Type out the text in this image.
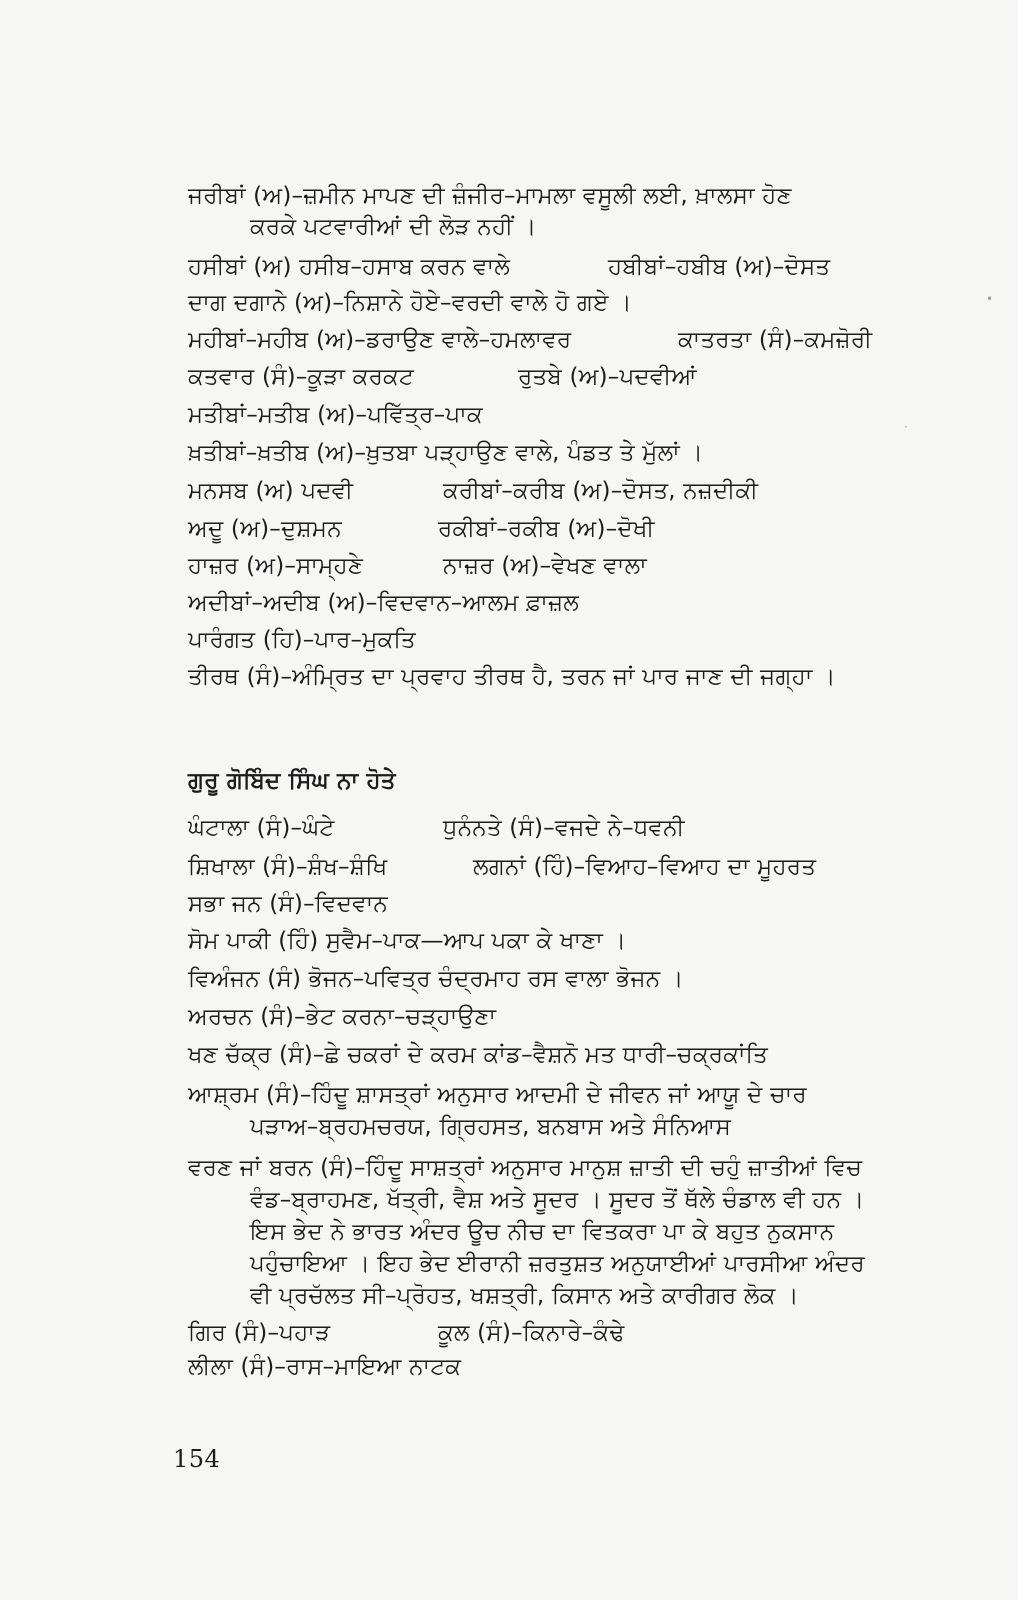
ਜਰੀਬਾਂ (ਅ)–ਜ਼ਮੀਨ ਮਾਪਣ ਦੀ ਜ਼ੰਜੀਰ–ਮਾਮਲਾ ਵਸੂਲੀ ਲਈ, ਖ਼ਾਲਸਾ ਹੋਣ
ਕਰਕੇ ਪਟਵਾਰੀਆਂ ਦੀ ਲੋੜ ਨਹੀਂ ।
ਹਸੀਬਾਂ (ਅ) ਹਸੀਬ–ਹਸਾਬ ਕਰਨ ਵਾਲੇ	ਹਬੀਬਾਂ–ਹਬੀਬ (ਅ)–ਦੋਸਤ
ਦਾਗ ਦਗਾਨੇ (ਅ)–ਨਿਸ਼ਾਨੇ ਹੋਏ–ਵਰਦੀ ਵਾਲੇ ਹੋ ਗਏ ।
ਮਹੀਬਾਂ–ਮਹੀਬ (ਅ)–ਡਰਾਉਣ ਵਾਲੇ–ਹਮਲਾਵਰ	ਕਾਤਰਤਾ (ਸੰ)–ਕਮਜ਼ੋਰੀ
ਕਤਵਾਰ (ਸੰ)–ਕੂੜਾ ਕਰਕਟ	ਰੁਤਬੇ (ਅ)–ਪਦਵੀਆਂ
ਮਤੀਬਾਂ–ਮਤੀਬ (ਅ)–ਪਵਿੱਤ੍ਰ–ਪਾਕ
ਖ਼ਤੀਬਾਂ–ਖ਼ਤੀਬ (ਅ)–ਖ਼ੁਤਬਾ ਪੜ੍ਹਾਉਣ ਵਾਲੇ, ਪੰਡਤ ਤੇ ਮੁੱਲਾਂ ।
ਮਨਸਬ (ਅ) ਪਦਵੀ	ਕਰੀਬਾਂ–ਕਰੀਬ (ਅ)–ਦੋਸਤ, ਨਜ਼ਦੀਕੀ
ਅਦੂ (ਅ)–ਦੁਸ਼ਮਨ	ਰਕੀਬਾਂ–ਰਕੀਬ (ਅ)–ਦੋਖੀ
ਹਾਜ਼ਰ (ਅ)–ਸਾਮ੍ਹਣੇ	ਨਾਜ਼ਰ (ਅ)–ਵੇਖਣ ਵਾਲਾ
ਅਦੀਬਾਂ–ਅਦੀਬ (ਅ)–ਵਿਦਵਾਨ–ਆਲਮ ਫ਼ਾਜ਼ਲ
ਪਾਰੰਗਤ (ਹਿ)–ਪਾਰ–ਮੁਕਤਿ
ਤੀਰਥ (ਸੰ)–ਅੰਮ੍ਰਿਤ ਦਾ ਪ੍ਰਵਾਹ ਤੀਰਥ ਹੈ, ਤਰਨ ਜਾਂ ਪਾਰ ਜਾਣ ਦੀ ਜਗ੍ਹਾ ।
ਗੁਰੂ ਗੋਬਿੰਦ ਸਿੰਘ ਨਾ ਹੋਤੇ
ਘੰਟਾਲਾ (ਸੰ)–ਘੰਟੇ	ਧੁਨੰਨਤੇ (ਸੰ)–ਵਜਦੇ ਨੇ–ਧਵਨੀ
ਸ਼ਿਖਾਲਾ (ਸੰ)–ਸ਼ੰਖ–ਸ਼ੰਖਿ	ਲਗਨਾਂ (ਹਿੰ)–ਵਿਆਹ–ਵਿਆਹ ਦਾ ਮੂਹਰਤ
ਸਭਾ ਜਨ (ਸੰ)–ਵਿਦਵਾਨ
ਸੋਮ ਪਾਕੀ (ਹਿੰ) ਸੁਵੈਮ–ਪਾਕ—ਆਪ ਪਕਾ ਕੇ ਖਾਣਾ ।
ਵਿਅੰਜਨ (ਸੰ) ਭੋਜਨ–ਪਵਿਤ੍ਰ ਚੰਦ੍ਰਮਾਹ ਰਸ ਵਾਲਾ ਭੋਜਨ ।
ਅਰਚਨ (ਸੰ)–ਭੇਟ ਕਰਨਾ–ਚੜ੍ਹਾਉਣਾ
ਖਣ ਚੱਕ੍ਰ (ਸੰ)–ਛੇ ਚਕਰਾਂ ਦੇ ਕਰਮ ਕਾਂਡ–ਵੈਸ਼ਨੋ ਮਤ ਧਾਰੀ–ਚਕ੍ਰਕਾਂਤਿ
ਆਸ਼੍ਰਮ (ਸੰ)–ਹਿੰਦੂ ਸ਼ਾਸਤ੍ਰਾਂ ਅਨੁਸਾਰ ਆਦਮੀ ਦੇ ਜੀਵਨ ਜਾਂ ਆਯੂ ਦੇ ਚਾਰ
ਪੜਾਅ–ਬ੍ਰਹਮਚਰਯ, ਗ੍ਰਿਹਸਤ, ਬਨਬਾਸ ਅਤੇ ਸੰਨਿਆਸ
ਵਰਣ ਜਾਂ ਬਰਨ (ਸੰ)–ਹਿੰਦੂ ਸਾਸ਼ਤ੍ਰਾਂ ਅਨੁਸਾਰ ਮਾਨੁਸ਼ ਜ਼ਾਤੀ ਦੀ ਚਹੁੰ ਜ਼ਾਤੀਆਂ ਵਿਚ
ਵੰਡ–ਬ੍ਰਾਹਮਣ, ਖੱਤ੍ਰੀ, ਵੈਸ਼ ਅਤੇ ਸੂਦਰ । ਸੂਦਰ ਤੋਂ ਥੱਲੇ ਚੰਡਾਲ ਵੀ ਹਨ ।
ਇਸ ਭੇਦ ਨੇ ਭਾਰਤ ਅੰਦਰ ਊਚ ਨੀਚ ਦਾ ਵਿਤਕਰਾ ਪਾ ਕੇ ਬਹੁਤ ਨੁਕਸਾਨ
ਪਹੁੰਚਾਇਆ । ਇਹ ਭੇਦ ਈਰਾਨੀ ਜ਼ਰਤੁਸ਼ਤ ਅਨੁਯਾਈਆਂ ਪਾਰਸੀਆ ਅੰਦਰ
ਵੀ ਪ੍ਰਚੱਲਤ ਸੀ–ਪ੍ਰੋਹਤ, ਖਸ਼ਤ੍ਰੀ, ਕਿਸਾਨ ਅਤੇ ਕਾਰੀਗਰ ਲੋਕ ।
ਗਿਰ (ਸੰ)–ਪਹਾੜ	ਕੂਲ (ਸੰ)–ਕਿਨਾਰੇ–ਕੰਢੇ
ਲੀਲਾ (ਸੰ)–ਰਾਸ–ਮਾਇਆ ਨਾਟਕ
154
•
·
